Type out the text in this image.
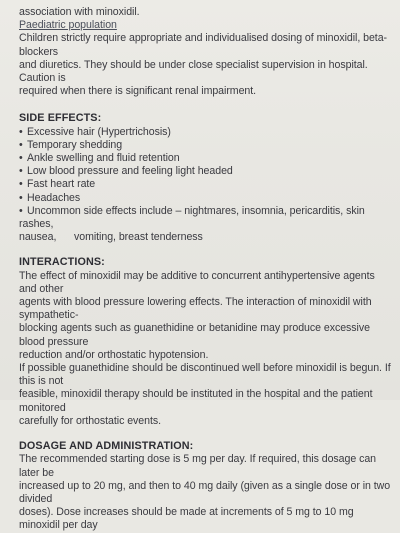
association with minoxidil.

Paediatric population

Children strictly require appropriate and individualised dosing of minoxidil, beta-blockers

and diuretics. They should be under close specialist supervision in hospital. Caution is

required when there is significant renal impairment.

SIDE EFFECTS:

• Excessive hair (Hypertrichosis)
• Temporary shedding
• Ankle swelling and fluid retention
• Low blood pressure and feeling light headed
• Fast heart rate
• Headaches
• Uncommon side effects include – nightmares, insomnia, pericarditis, skin rashes,
nausea, vomiting, breast tenderness

INTERACTIONS:

The effect of minoxidil may be additive to concurrent antihypertensive agents and other

agents with blood pressure lowering effects. The interaction of minoxidil with sympathetic-

blocking agents such as guanethidine or betanidine may produce excessive blood pressure

reduction and/or orthostatic hypotension.

If possible guanethidine should be discontinued well before minoxidil is begun. If this is not

feasible, minoxidil therapy should be instituted in the hospital and the patient monitored

carefully for orthostatic events.

DOSAGE AND ADMINISTRATION:

The recommended starting dose is 5 mg per day. If required, this dosage can later be

increased up to 20 mg, and then to 40 mg daily (given as a single dose or in two divided

doses). Dose increases should be made at increments of 5 mg to 10 mg minoxidil per day
